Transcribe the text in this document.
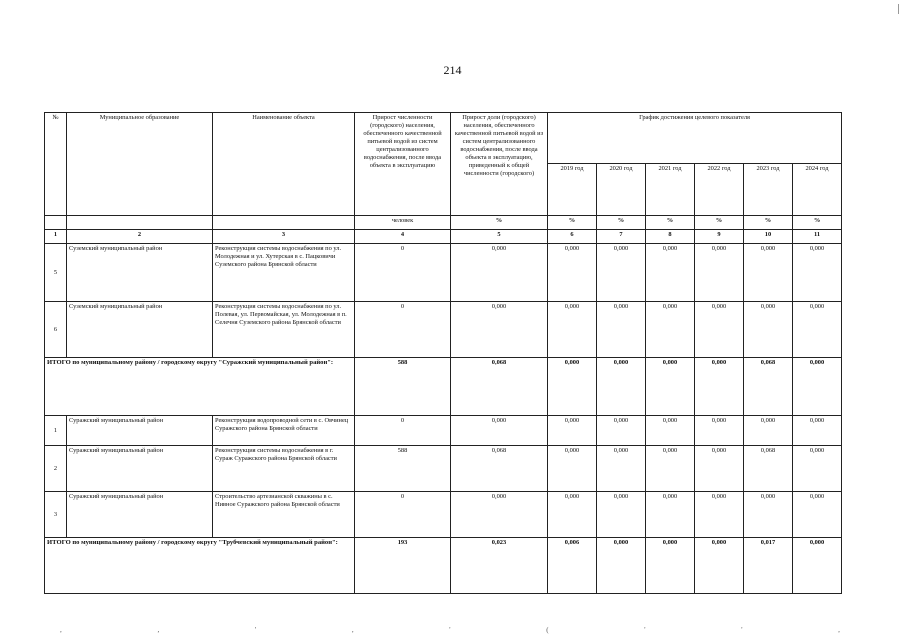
214
№	Муниципальное образование	Наименование объекта	Прирост численности (городского) населения, обеспеченного качественной питьевой водой из систем централизованного водоснабжения, после ввода объекта в эксплуатацию	Прирост доли (городского) населения, обеспеченного качественной питьевой водой из систем централизованного водоснабжения, после ввода объекта в эксплуатацию, приведенный к общей численности (городского)	График достижения целевого показателя					
					2019 год	2020 год	2021 год	2022 год	2023 год	2024 год
			человек	%	%	%	%	%	%	%
1	2	3	4	5	6	7	8	9	10	11
5	Суземский муниципальный район	Реконструкция системы водоснабжения по ул. Молодежная и ул. Хутерская в с. Пацковичи Суземского района Брянской области	0	0,000	0,000	0,000	0,000	0,000	0,000	0,000
6	Суземский муниципальный район	Реконструкция системы водоснабжения по ул. Полевая, ул. Первомайская, ул. Молодежная в п. Селечня Суземского района Брянской области	0	0,000	0,000	0,000	0,000	0,000	0,000	0,000
ИТОГО по муниципальному району / городскому округу "Суражский муниципальный район":			588	0,068	0,000	0,000	0,000	0,000	0,068	0,000
1	Суражский муниципальный район	Реконструкция водопроводной сети в с. Овчинец Суражского района Брянской области	0	0,000	0,000	0,000	0,000	0,000	0,000	0,000
2	Суражский муниципальный район	Реконструкция системы водоснабжения в г. Сураж Суражского района Брянской области	588	0,068	0,000	0,000	0,000	0,000	0,068	0,000
3	Суражский муниципальный район	Строительство артезианской скважины в с. Нивное Суражского района Брянской области	0	0,000	0,000	0,000	0,000	0,000	0,000	0,000
ИТОГО по муниципальному району / городскому округу "Трубчевский муниципальный район":			193	0,023	0,006	0,000	0,000	0,000	0,017	0,000
,	,	'	,	'	(	'	'	,
